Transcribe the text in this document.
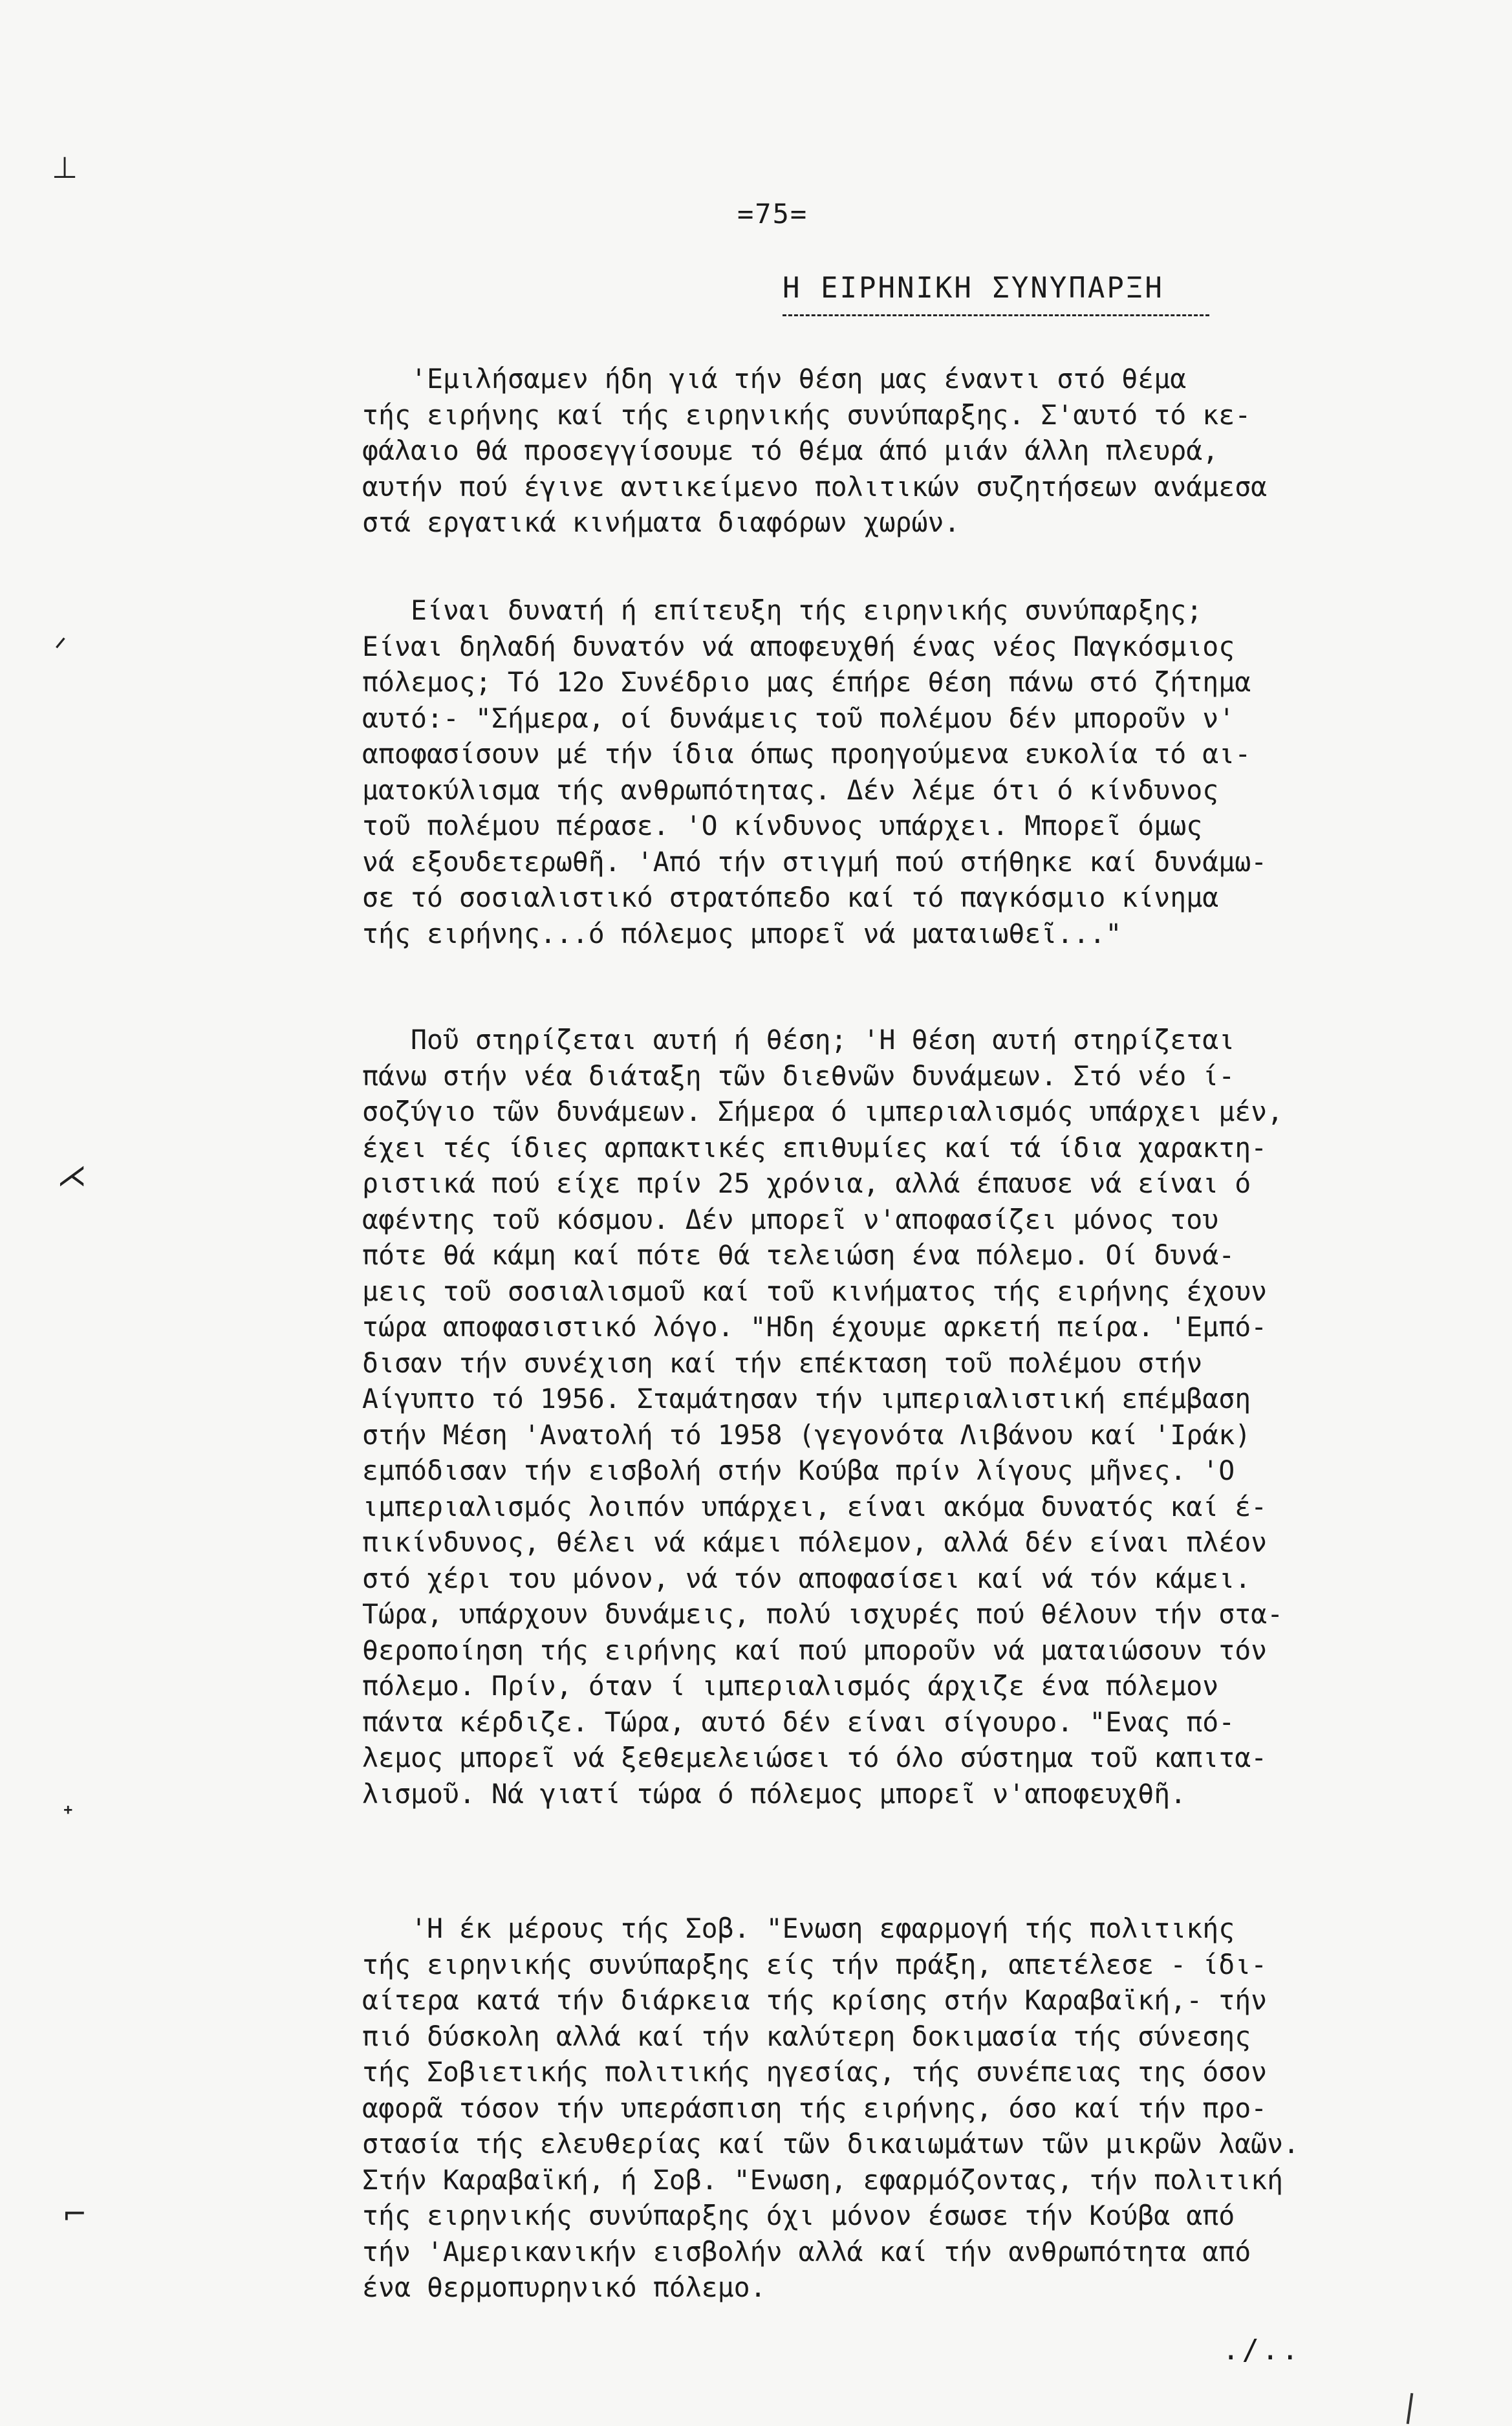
⊥
ᐟ
⋌
ᐩ
⌐
=75=
Η ΕΙΡΗΝΙΚΗ ΣΥΝΥΠΑΡΞΗ
'Εμιλήσαμεν ήδη γιά τήν θέση μας έναντι στό θέμα
τής ειρήνης καί τής ειρηνικής συνύπαρξης. Σ'αυτό τό κε-
φάλαιο θά προσεγγίσουμε τό θέμα άπό μιάν άλλη πλευρά,
αυτήν πού έγινε αντικείμενο πολιτικών συζητήσεων ανάμεσα
στά εργατικά κινήματα διαφόρων χωρών.
Είναι δυνατή ή επίτευξη τής ειρηνικής συνύπαρξης;
Είναι δηλαδή δυνατόν νά αποφευχθή ένας νέος Παγκόσμιος
πόλεμος; Τό 12ο Συνέδριο μας έπήρε θέση πάνω στό ζήτημα
αυτό:- "Σήμερα, οί δυνάμεις τοῦ πολέμου δέν μποροῦν ν'
αποφασίσουν μέ τήν ίδια όπως προηγούμενα ευκολία τό αι-
ματοκύλισμα τής ανθρωπότητας. Δέν λέμε ότι ό κίνδυνος
τοῦ πολέμου πέρασε. 'Ο κίνδυνος υπάρχει. Μπορεῖ όμως
νά εξουδετερωθῆ. 'Από τήν στιγμή πού στήθηκε καί δυνάμω-
σε τό σοσιαλιστικό στρατόπεδο καί τό παγκόσμιο κίνημα
τής ειρήνης...ό πόλεμος μπορεῖ νά ματαιωθεῖ..."
Ποῦ στηρίζεται αυτή ή θέση; 'Η θέση αυτή στηρίζεται
πάνω στήν νέα διάταξη τῶν διεθνῶν δυνάμεων. Στό νέο ί-
σοζύγιο τῶν δυνάμεων. Σήμερα ό ιμπεριαλισμός υπάρχει μέν,
έχει τές ίδιες αρπακτικές επιθυμίες καί τά ίδια χαρακτη-
ριστικά πού είχε πρίν 25 χρόνια, αλλά έπαυσε νά είναι ό
αφέντης τοῦ κόσμου. Δέν μπορεῖ ν'αποφασίζει μόνος του
πότε θά κάμη καί πότε θά τελειώση ένα πόλεμο. Οί δυνά-
μεις τοῦ σοσιαλισμοῦ καί τοῦ κινήματος τής ειρήνης έχουν
τώρα αποφασιστικό λόγο. "Ηδη έχουμε αρκετή πείρα. 'Εμπό-
δισαν τήν συνέχιση καί τήν επέκταση τοῦ πολέμου στήν
Αίγυπτο τό 1956. Σταμάτησαν τήν ιμπεριαλιστική επέμβαση
στήν Μέση 'Ανατολή τό 1958 (γεγονότα Λιβάνου καί 'Ιράκ)
εμπόδισαν τήν εισβολή στήν Κούβα πρίν λίγους μῆνες. 'Ο
ιμπεριαλισμός λοιπόν υπάρχει, είναι ακόμα δυνατός καί έ-
πικίνδυνος, θέλει νά κάμει πόλεμον, αλλά δέν είναι πλέον
στό χέρι του μόνον, νά τόν αποφασίσει καί νά τόν κάμει.
Τώρα, υπάρχουν δυνάμεις, πολύ ισχυρές πού θέλουν τήν στα-
θεροποίηση τής ειρήνης καί πού μποροῦν νά ματαιώσουν τόν
πόλεμο. Πρίν, όταν ί ιμπεριαλισμός άρχιζε ένα πόλεμον
πάντα κέρδιζε. Τώρα, αυτό δέν είναι σίγουρο. "Ενας πό-
λεμος μπορεῖ νά ξεθεμελειώσει τό όλο σύστημα τοῦ καπιτα-
λισμοῦ. Νά γιατί τώρα ό πόλεμος μπορεῖ ν'αποφευχθῆ.
'Η έκ μέρους τής Σοβ. "Ενωση εφαρμογή τής πολιτικής
τής ειρηνικής συνύπαρξης είς τήν πράξη, απετέλεσε - ίδι-
αίτερα κατά τήν διάρκεια τής κρίσης στήν Καραβαϊκή,- τήν
πιό δύσκολη αλλά καί τήν καλύτερη δοκιμασία τής σύνεσης
τής Σοβιετικής πολιτικής ηγεσίας, τής συνέπειας της όσον
αφορᾶ τόσον τήν υπεράσπιση τής ειρήνης, όσο καί τήν προ-
στασία τής ελευθερίας καί τῶν δικαιωμάτων τῶν μικρῶν λαῶν.
Στήν Καραβαϊκή, ή Σοβ. "Ενωση, εφαρμόζοντας, τήν πολιτική
τής ειρηνικής συνύπαρξης όχι μόνον έσωσε τήν Κούβα από
τήν 'Αμερικανικήν εισβολήν αλλά καί τήν ανθρωπότητα από
ένα θερμοπυρηνικό πόλεμο.
./..
